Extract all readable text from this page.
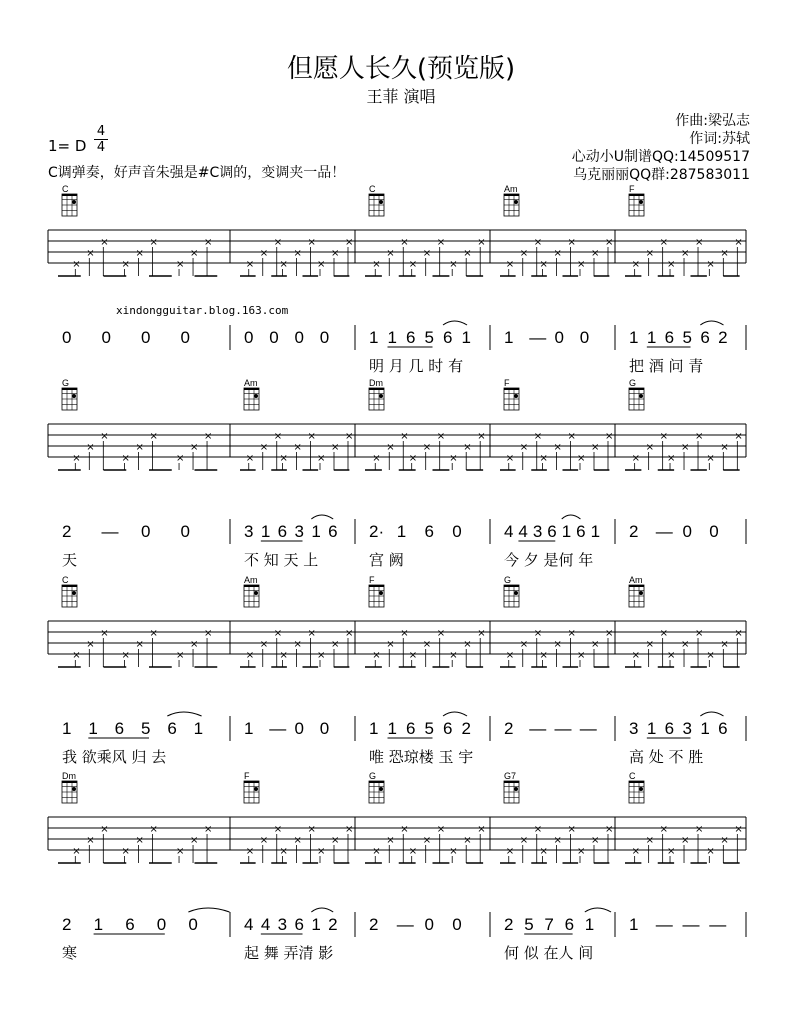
但愿人长久(预览版)
王菲 演唱
作曲:梁弘志
作词:苏轼
心动小U制谱QQ:14509517
乌克丽丽QQ群:287583011
1= D
4
4
C调弹奏，好声音朱强是#C调的，变调夹一品！
xindongguitar.blog.163.com
×
×
×
×
×
×
×
×
×
0 0 0 0
×
×
×
×
×
×
×
×
×
0 0 0 0
×
×
×
×
×
×
×
×
×
1 1 6 5 6 1
明 月 几 时 有
×
×
×
×
×
×
×
×
×
1 — 0 0
×
×
×
×
×
×
×
×
×
1 1 6 5 6 2
把 酒 问 青
C	C	Am	F
×
×
×
×
×
×
×
×
×
2 — 0 0
天
×
×
×
×
×
×
×
×
×
3 1 6 3 1 6
不 知 天 上
×
×
×
×
×
×
×
×
×
2· 1 6 0
宫 阙
×
×
×
×
×
×
×
×
×
4 4 3 6 1 6 1
今 夕 是何 年
×
×
×
×
×
×
×
×
×
2 — 0 0
G	Am	Dm	F	G
×
×
×
×
×
×
×
×
×
1 1 6 5 6 1
我 欲乘风 归 去
×
×
×
×
×
×
×
×
×
1 — 0 0
×
×
×
×
×
×
×
×
×
1 1 6 5 6 2
唯 恐琼楼 玉 宇
×
×
×
×
×
×
×
×
×
2 — — —
×
×
×
×
×
×
×
×
×
3 1 6 3 1 6
高 处 不 胜
C	Am	F	G	Am
×
×
×
×
×
×
×
×
×
2 1 6 0 0
寒
×
×
×
×
×
×
×
×
×
4 4 3 6 1 2
起 舞 弄清 影
×
×
×
×
×
×
×
×
×
2 — 0 0
×
×
×
×
×
×
×
×
×
2 5 7 6 1
何 似 在人 间
×
×
×
×
×
×
×
×
×
1 — — —
Dm	F	G	G7	C
